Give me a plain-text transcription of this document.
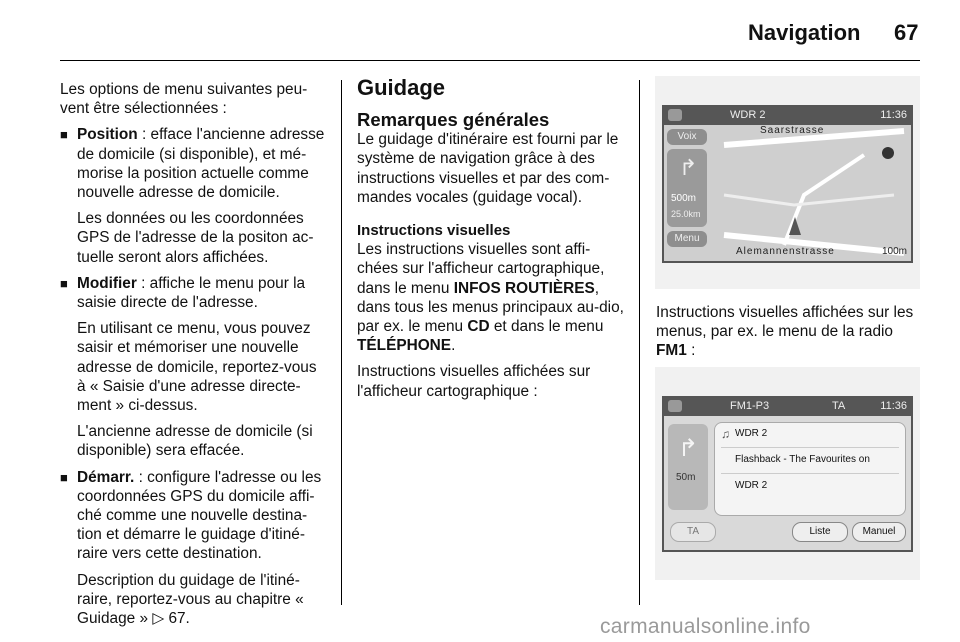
Navigation 67

Les options de menu suivantes peu-vent être sélectionnées :

■ Position : efface l'ancienne adresse de domicile (si disponible), et mé-morise la position actuelle comme nouvelle adresse de domicile.
Les données ou les coordonnées GPS de l'adresse de la positon ac-tuelle seront alors affichées.
■ Modifier : affiche le menu pour la saisie directe de l'adresse.
En utilisant ce menu, vous pouvez saisir et mémoriser une nouvelle adresse de domicile, reportez-vous à « Saisie d'une adresse directe-ment » ci-dessus.
L'ancienne adresse de domicile (si disponible) sera effacée.
■ Démarr. : configure l'adresse ou les coordonnées GPS du domicile affi-ché comme une nouvelle destina-tion et démarre le guidage d'itiné-raire vers cette destination.
Description du guidage de l'itiné-raire, reportez-vous au chapitre « Guidage » ▷ 67.
Guidage
Remarques générales

Le guidage d'itinéraire est fourni par le système de navigation grâce à des instructions visuelles et par des com-mandes vocales (guidage vocal).

Instructions visuelles

Les instructions visuelles sont affi-chées sur l'afficheur cartographique, dans le menu INFOS ROUTIÈRES, dans tous les menus principaux au-dio, par ex. le menu CD et dans le menu TÉLÉPHONE.

Instructions visuelles affichées sur l'afficheur cartographique :

WDR 2	11:36
Saarstrasse
Alemannenstrasse	100m
Voix
↱
500m
25.0km
Menu
Instructions visuelles affichées sur les menus, par ex. le menu de la radio FM1 :
FM1-P3	TA	11:36
↱
50m
♫ WDR 2
Flashback - The Favourites on
WDR 2
TA	Liste	Manuel
carmanualsonline.info
